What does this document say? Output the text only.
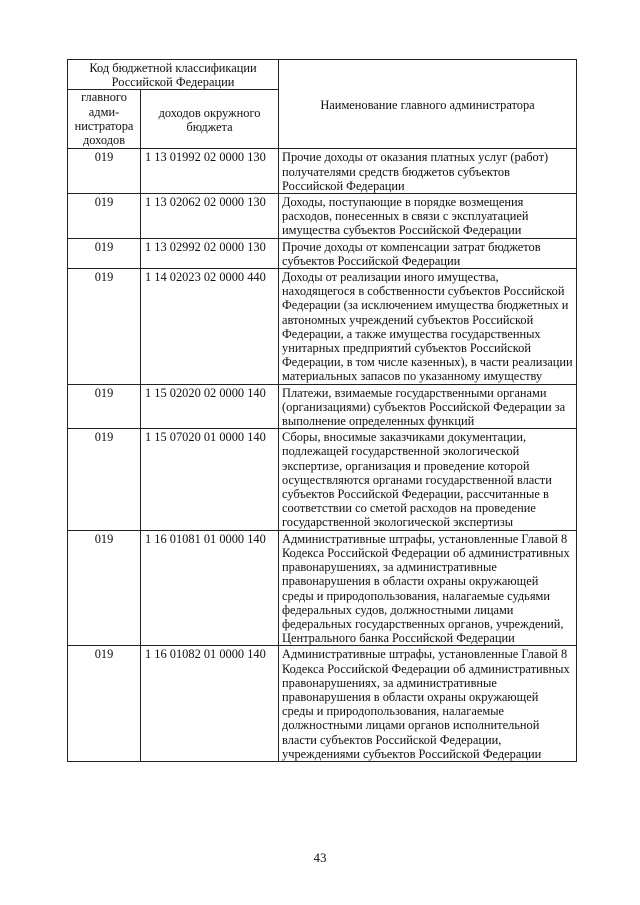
Код бюджетной классификации Российской Федерации		Наименование главного администратора
главного адми-нистратора доходов	доходов окружного бюджета	
019	1 13 01992 02 0000 130	Прочие доходы от оказания платных услуг (работ) получателями средств бюджетов субъектов Российской Федерации
019	1 13 02062 02 0000 130	Доходы, поступающие в порядке возмещения расходов, понесенных в связи с эксплуатацией имущества субъектов Российской Федерации
019	1 13 02992 02 0000 130	Прочие доходы от компенсации затрат бюджетов субъектов Российской Федерации
019	1 14 02023 02 0000 440	Доходы от реализации иного имущества, находящегося в собственности субъектов Российской Федерации (за исключением имущества бюджетных и автономных учреждений субъектов Российской Федерации, а также имущества государственных унитарных предприятий субъектов Российской Федерации, в том числе казенных), в части реализации материальных запасов по указанному имуществу
019	1 15 02020 02 0000 140	Платежи, взимаемые государственными органами (организациями) субъектов Российской Федерации за выполнение определенных функций
019	1 15 07020 01 0000 140	Сборы, вносимые заказчиками документации, подлежащей государственной экологической экспертизе, организация и проведение которой осуществляются органами государственной власти субъектов Российской Федерации, рассчитанные в соответствии со сметой расходов на проведение государственной экологической экспертизы
019	1 16 01081 01 0000 140	Административные штрафы, установленные Главой 8 Кодекса Российской Федерации об административных правонарушениях, за административные правонарушения в области охраны окружающей среды и природопользования, налагаемые судьями федеральных судов, должностными лицами федеральных государственных органов, учреждений, Центрального банка Российской Федерации
019	1 16 01082 01 0000 140	Административные штрафы, установленные Главой 8 Кодекса Российской Федерации об административных правонарушениях, за административные правонарушения в области охраны окружающей среды и природопользования, налагаемые должностными лицами органов исполнительной власти субъектов Российской Федерации, учреждениями субъектов Российской Федерации
43
